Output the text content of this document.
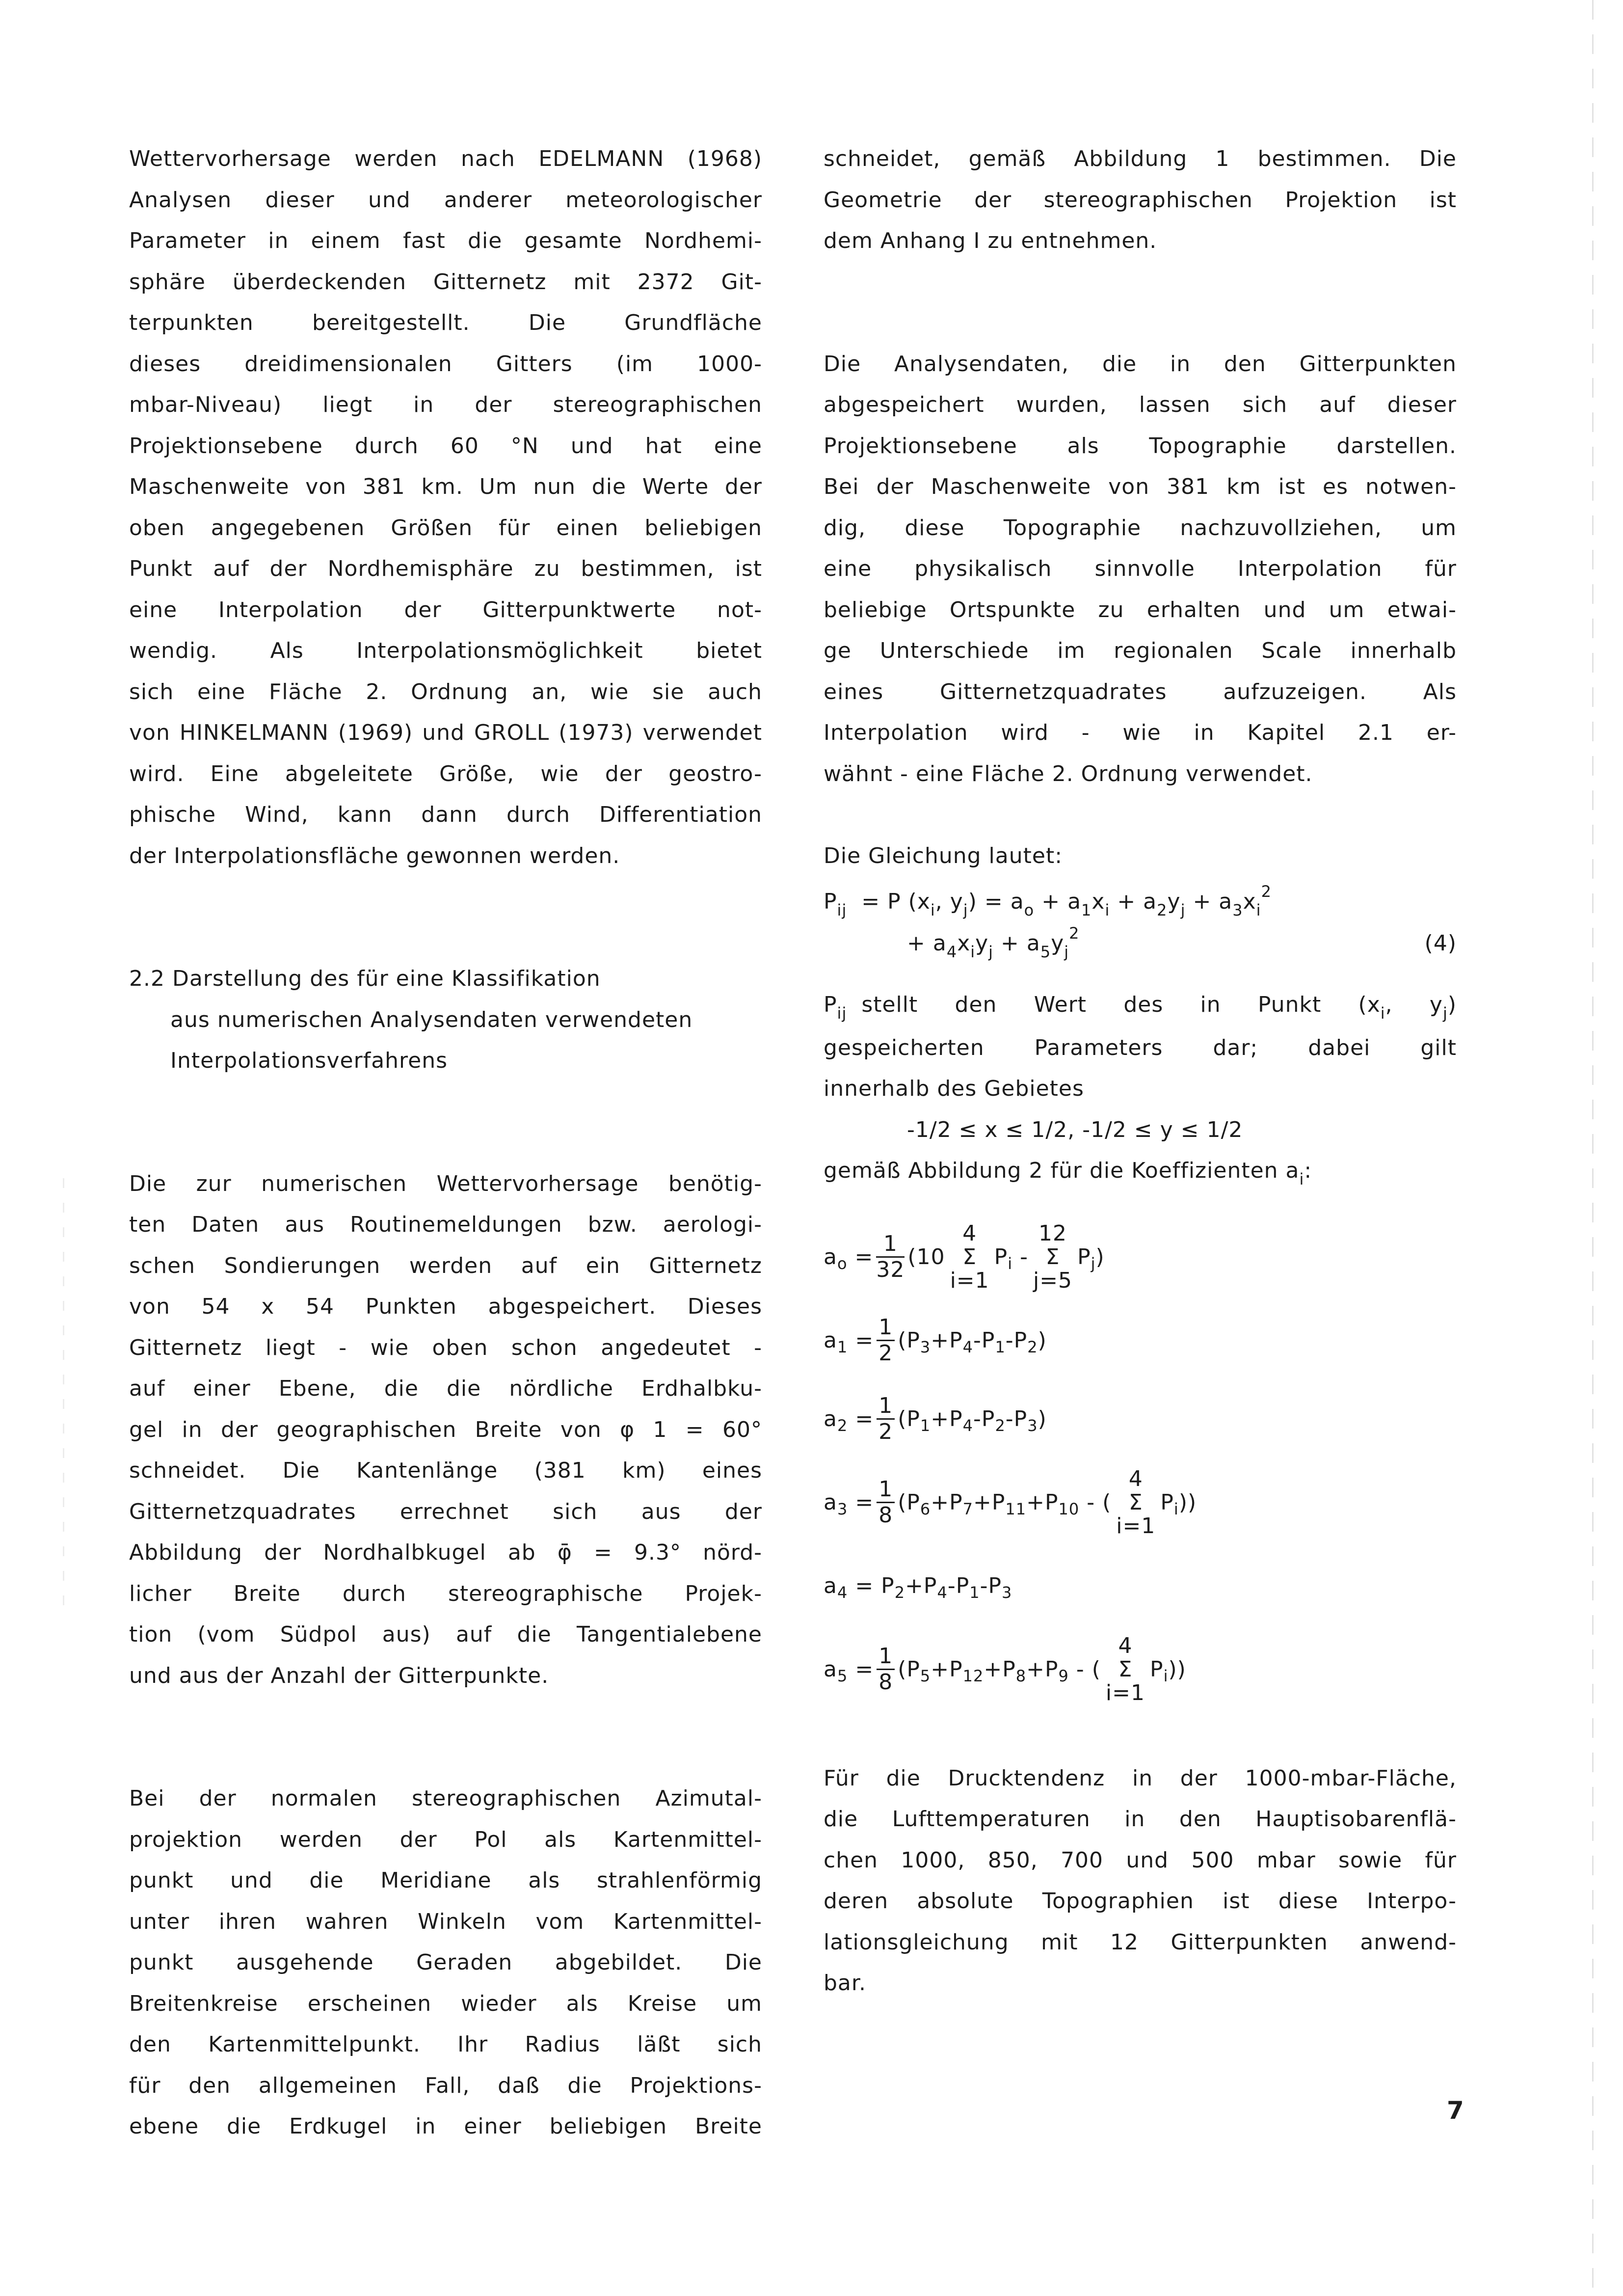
Wettervorhersage werden nach EDELMANN (1968)

Analysen dieser und anderer meteorologischer

Parameter in einem fast die gesamte Nordhemi-

sphäre überdeckenden Gitternetz mit 2372 Git-

terpunkten bereitgestellt. Die Grundfläche

dieses dreidimensionalen Gitters (im 1000-

mbar-Niveau) liegt in der stereographischen

Projektionsebene durch 60 °N und hat eine

Maschenweite von 381 km. Um nun die Werte der

oben angegebenen Größen für einen beliebigen

Punkt auf der Nordhemisphäre zu bestimmen, ist

eine Interpolation der Gitterpunktwerte not-

wendig. Als Interpolationsmöglichkeit bietet

sich eine Fläche 2. Ordnung an, wie sie auch

von HINKELMANN (1969) und GROLL (1973) verwendet

wird. Eine abgeleitete Größe, wie der geostro-

phische Wind, kann dann durch Differentiation

der Interpolationsfläche gewonnen werden.

2.2 Darstellung des für eine Klassifikation

aus numerischen Analysendaten verwendeten

Interpolationsverfahrens

Die zur numerischen Wettervorhersage benötig-

ten Daten aus Routinemeldungen bzw. aerologi-

schen Sondierungen werden auf ein Gitternetz

von 54 x 54 Punkten abgespeichert. Dieses

Gitternetz liegt - wie oben schon angedeutet -

auf einer Ebene, die die nördliche Erdhalbku-

gel in der geographischen Breite von φ 1 = 60°

schneidet. Die Kantenlänge (381 km) eines

Gitternetzquadrates errechnet sich aus der

Abbildung der Nordhalbkugel ab φ̄ = 9.3° nörd-

licher Breite durch stereographische Projek-

tion (vom Südpol aus) auf die Tangentialebene

und aus der Anzahl der Gitterpunkte.

Bei der normalen stereographischen Azimutal-

projektion werden der Pol als Kartenmittel-

punkt und die Meridiane als strahlenförmig

unter ihren wahren Winkeln vom Kartenmittel-

punkt ausgehende Geraden abgebildet. Die

Breitenkreise erscheinen wieder als Kreise um

den Kartenmittelpunkt. Ihr Radius läßt sich

für den allgemeinen Fall, daß die Projektions-

ebene die Erdkugel in einer beliebigen Breite

schneidet, gemäß Abbildung 1 bestimmen. Die

Geometrie der stereographischen Projektion ist

dem Anhang I zu entnehmen.

Die Analysendaten, die in den Gitterpunkten

abgespeichert wurden, lassen sich auf dieser

Projektionsebene als Topographie darstellen.

Bei der Maschenweite von 381 km ist es notwen-

dig, diese Topographie nachzuvollziehen, um

eine physikalisch sinnvolle Interpolation für

beliebige Ortspunkte zu erhalten und um etwai-

ge Unterschiede im regionalen Scale innerhalb

eines Gitternetzquadrates aufzuzeigen. Als

Interpolation wird - wie in Kapitel 2.1 er-

wähnt - eine Fläche 2. Ordnung verwendet.

Die Gleichung lautet:

$P_{ij} = P$ ($x_i$, $y_j) = a_o + a_1x_i + a_2y_j + a_3x_i^2$
+ $a_4x_iy_j + a_5y_j^2$	(4)

$P_{ij}$ stellt den Wert des in Punkt ($x_i$, $y_j$)

gespeicherten Parameters dar; dabei gilt

innerhalb des Gebietes

-1/2 ≤ x ≤ 1/2, -1/2 ≤ y ≤ 1/2

gemäß Abbildung 2 für die Koeffizienten $a_i$:

a $o = \frac{1}{32} (10$
4
Σ
i=1
P i -
12
Σ
j=5
P j )
a $1 = \frac{1}{2} (P$ 3 +P 4 -P 1 -P 2 )
a $2 = \frac{1}{2} (P$ 1 +P 4 -P 2 -P 3 )
a $3 = \frac{1}{8} (P$ 6 +P 7 +P 11 +P 10 - (
4
Σ
i=1
P i ))
a 4 = P 2 +P 4 -P 1 -P 3
a $5 = \frac{1}{8} (P$ 5 +P 12 +P 8 +P 9 - (
4
Σ
i=1
P i ))

Für die Drucktendenz in der 1000-mbar-Fläche,

die Lufttemperaturen in den Hauptisobarenflä-

chen 1000, 850, 700 und 500 mbar sowie für

deren absolute Topographien ist diese Interpo-

lationsgleichung mit 12 Gitterpunkten anwend-

bar.

7
